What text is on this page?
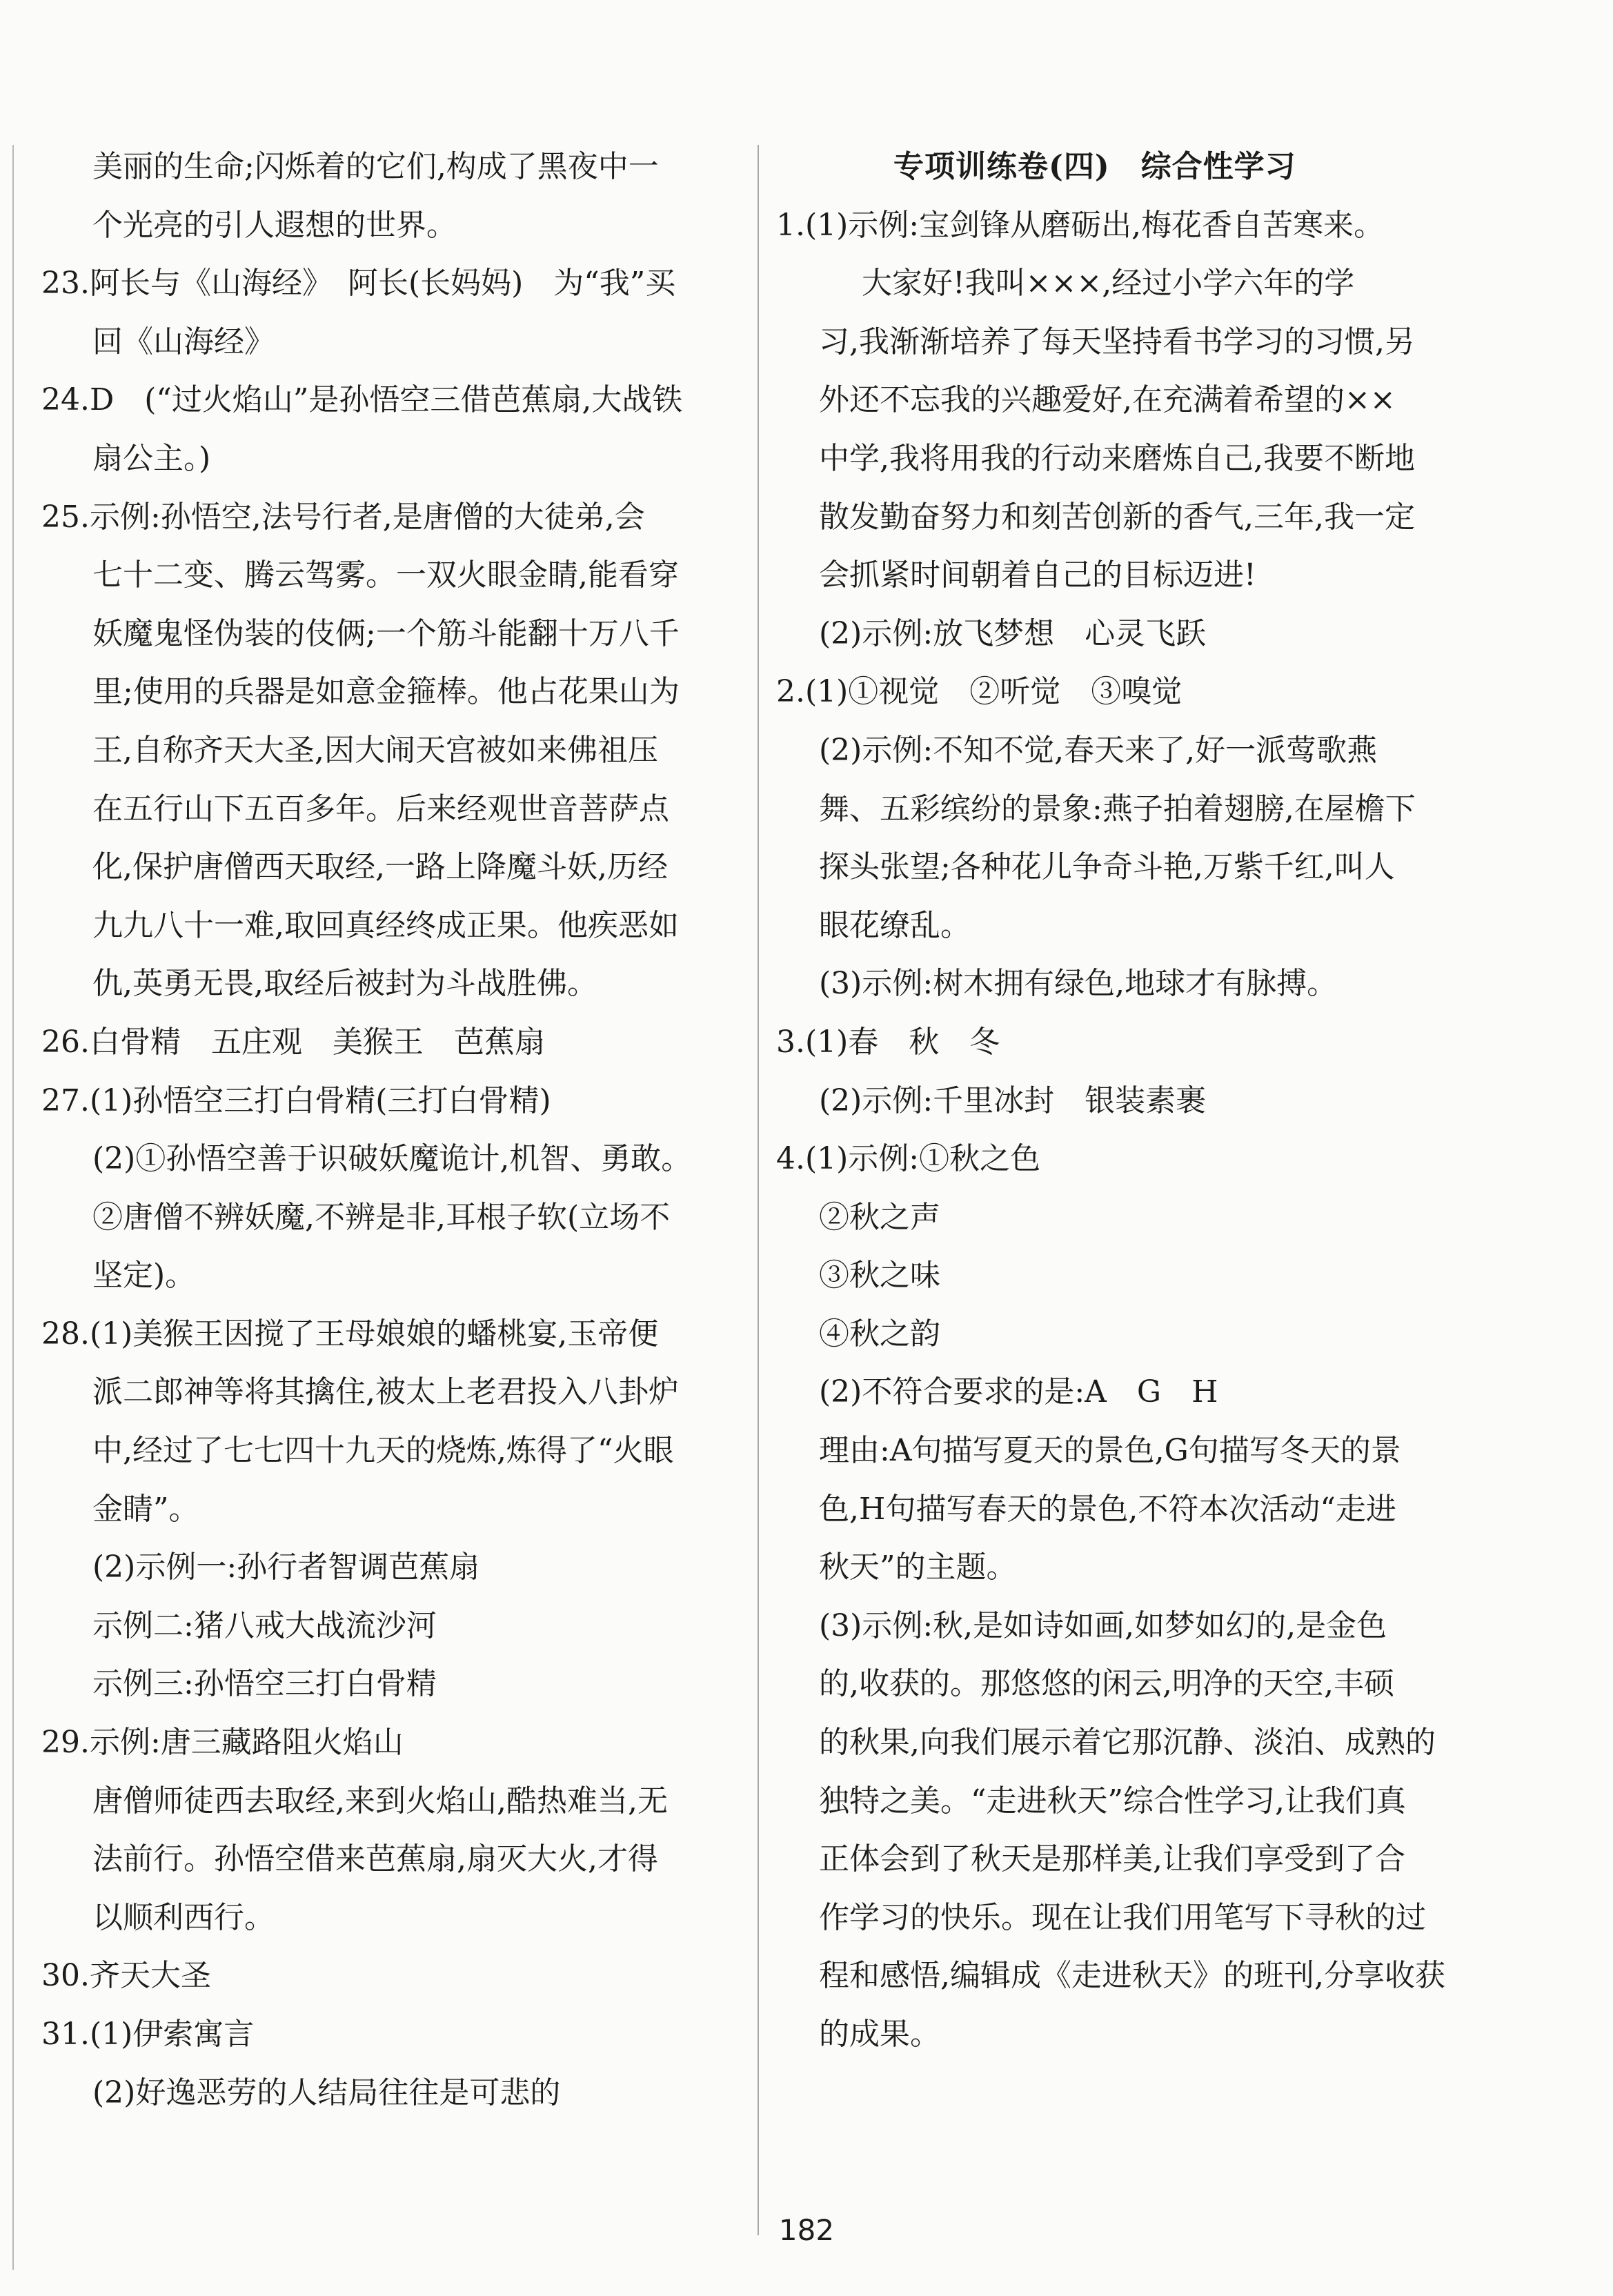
美丽的生命;闪烁着的它们,构成了黑夜中一
个光亮的引人遐想的世界。
23.阿长与《山海经》　阿长(长妈妈)　为“我”买
回《山海经》
24.D　(“过火焰山”是孙悟空三借芭蕉扇,大战铁
扇公主。)
25.示例:孙悟空,法号行者,是唐僧的大徒弟,会
七十二变、腾云驾雾。一双火眼金睛,能看穿
妖魔鬼怪伪装的伎俩;一个筋斗能翻十万八千
里;使用的兵器是如意金箍棒。他占花果山为
王,自称齐天大圣,因大闹天宫被如来佛祖压
在五行山下五百多年。后来经观世音菩萨点
化,保护唐僧西天取经,一路上降魔斗妖,历经
九九八十一难,取回真经终成正果。他疾恶如
仇,英勇无畏,取经后被封为斗战胜佛。
26.白骨精　五庄观　美猴王　芭蕉扇
27.(1)孙悟空三打白骨精(三打白骨精)
(2)①孙悟空善于识破妖魔诡计,机智、勇敢。
②唐僧不辨妖魔,不辨是非,耳根子软(立场不
坚定)。
28.(1)美猴王因搅了王母娘娘的蟠桃宴,玉帝便
派二郎神等将其擒住,被太上老君投入八卦炉
中,经过了七七四十九天的烧炼,炼得了“火眼
金睛”。
(2)示例一:孙行者智调芭蕉扇
示例二:猪八戒大战流沙河
示例三:孙悟空三打白骨精
29.示例:唐三藏路阻火焰山
唐僧师徒西去取经,来到火焰山,酷热难当,无
法前行。孙悟空借来芭蕉扇,扇灭大火,才得
以顺利西行。
30.齐天大圣
31.(1)伊索寓言
(2)好逸恶劳的人结局往往是可悲的
专项训练卷(四)　综合性学习
1.(1)示例:宝剑锋从磨砺出,梅花香自苦寒来。
大家好!我叫×××,经过小学六年的学
习,我渐渐培养了每天坚持看书学习的习惯,另
外还不忘我的兴趣爱好,在充满着希望的××
中学,我将用我的行动来磨炼自己,我要不断地
散发勤奋努力和刻苦创新的香气,三年,我一定
会抓紧时间朝着自己的目标迈进!
(2)示例:放飞梦想　心灵飞跃
2.(1)①视觉　②听觉　③嗅觉
(2)示例:不知不觉,春天来了,好一派莺歌燕
舞、五彩缤纷的景象:燕子拍着翅膀,在屋檐下
探头张望;各种花儿争奇斗艳,万紫千红,叫人
眼花缭乱。
(3)示例:树木拥有绿色,地球才有脉搏。
3.(1)春　秋　冬
(2)示例:千里冰封　银装素裹
4.(1)示例:①秋之色
②秋之声
③秋之味
④秋之韵
(2)不符合要求的是:A　G　H
理由:A句描写夏天的景色,G句描写冬天的景
色,H句描写春天的景色,不符本次活动“走进
秋天”的主题。
(3)示例:秋,是如诗如画,如梦如幻的,是金色
的,收获的。那悠悠的闲云,明净的天空,丰硕
的秋果,向我们展示着它那沉静、淡泊、成熟的
独特之美。“走进秋天”综合性学习,让我们真
正体会到了秋天是那样美,让我们享受到了合
作学习的快乐。现在让我们用笔写下寻秋的过
程和感悟,编辑成《走进秋天》的班刊,分享收获
的成果。
182
